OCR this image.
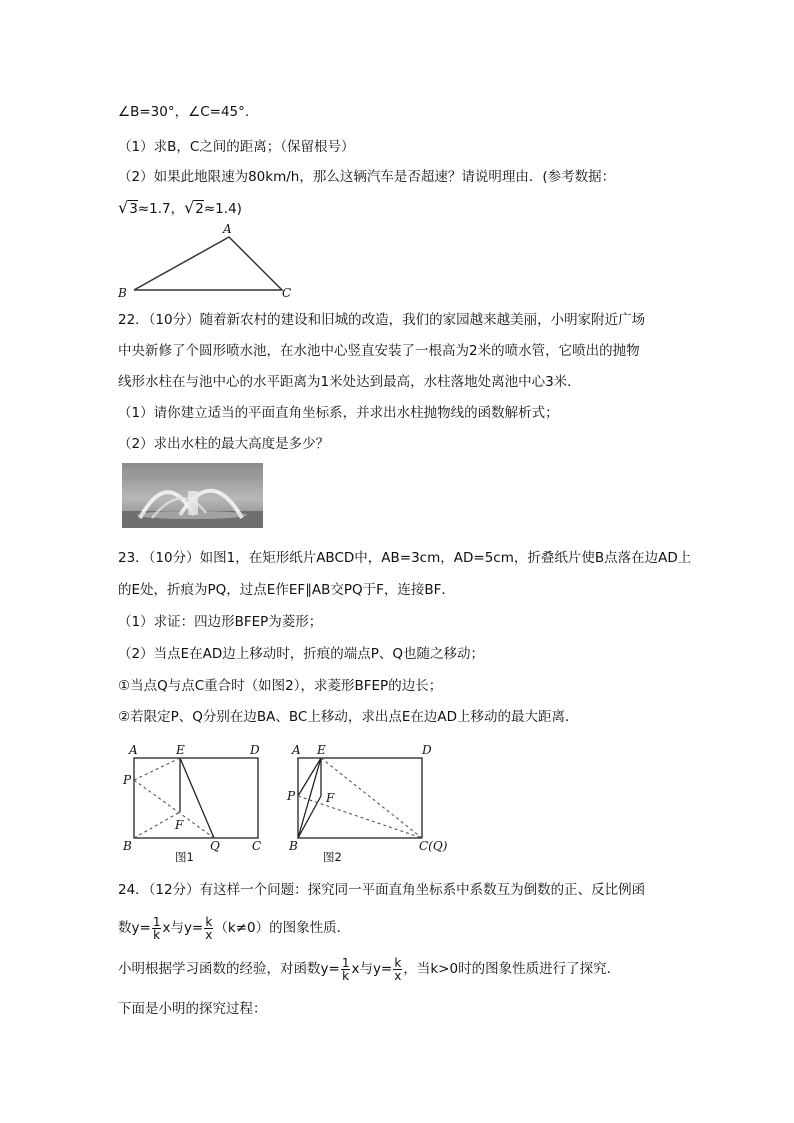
∠B=30°，∠C=45°．
（1）求B，C之间的距离；（保留根号）
（2）如果此地限速为80km/h，那么这辆汽车是否超速？请说明理由．(参考数据：
√3≈1.7，√2≈1.4)
A
B	C
22．（10分）随着新农村的建设和旧城的改造，我们的家园越来越美丽，小明家附近广场
中央新修了个圆形喷水池，在水池中心竖直安装了一根高为2米的喷水管，它喷出的抛物
线形水柱在与池中心的水平距离为1米处达到最高，水柱落地处离池中心3米．
（1）请你建立适当的平面直角坐标系，并求出水柱抛物线的函数解析式；
（2）求出水柱的最大高度是多少？
23．（10分）如图1，在矩形纸片ABCD中，AB=3cm，AD=5cm，折叠纸片使B点落在边AD上
的E处，折痕为PQ，过点E作EF∥AB交PQ于F，连接BF．
（1）求证：四边形BFEP为菱形；
（2）当点E在AD边上移动时，折痕的端点P、Q也随之移动；
①当点Q与点C重合时（如图2），求菱形BFEP的边长；
②若限定P、Q分别在边BA、BC上移动，求出点E在边AD上移动的最大距离．
A	E	D
P
F
B	Q	C
图1
A E	D
P	F
B	C(Q)
图2
24．（12分）有这样一个问题：探究同一平面直角坐标系中系数互为倒数的正、反比例函
数$y= \frac{1}{k}$ x与$y= \frac{k}{x} (k\ne 0)$的图象性质．
小明根据学习函数的经验，对函数$y= \frac{1}{k}$ x与$y= \frac{k}{x}$ ，当k>0时的图象性质进行了探究．
下面是小明的探究过程：
